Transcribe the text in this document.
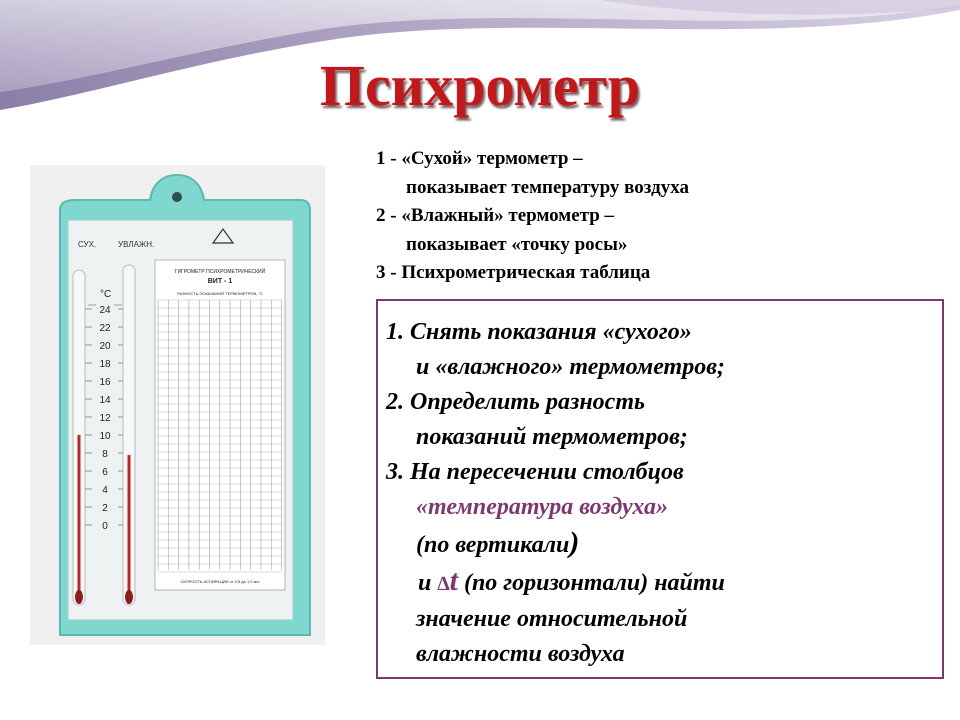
Психрометр
СУХ.	УВЛАЖН.
°C
24
22
20
18
16
14
12
10
8
6
4
2
0
ГИГРОМЕТР ПСИХРОМЕТРИЧЕСКИЙ
ВИТ - 1
РАЗНОСТЬ ПОКАЗАНИЙ ТЕРМОМЕТРОВ, °С
СКОРОСТЬ АСПИРАЦИИ от 0,5 до 1,0 м/с
1 - «Сухой» термометр –
показывает температуру воздуха
2 - «Влажный» термометр –
показывает «точку росы»
3 - Психрометрическая таблица
1. Снять показания «сухого»
и «влажного» термометров;
2. Определить разность
показаний термометров;
3. На пересечении столбцов
«температура воздуха»
(по вертикали)
и ∆t (по горизонтали) найти
значение относительной
влажности воздуха
